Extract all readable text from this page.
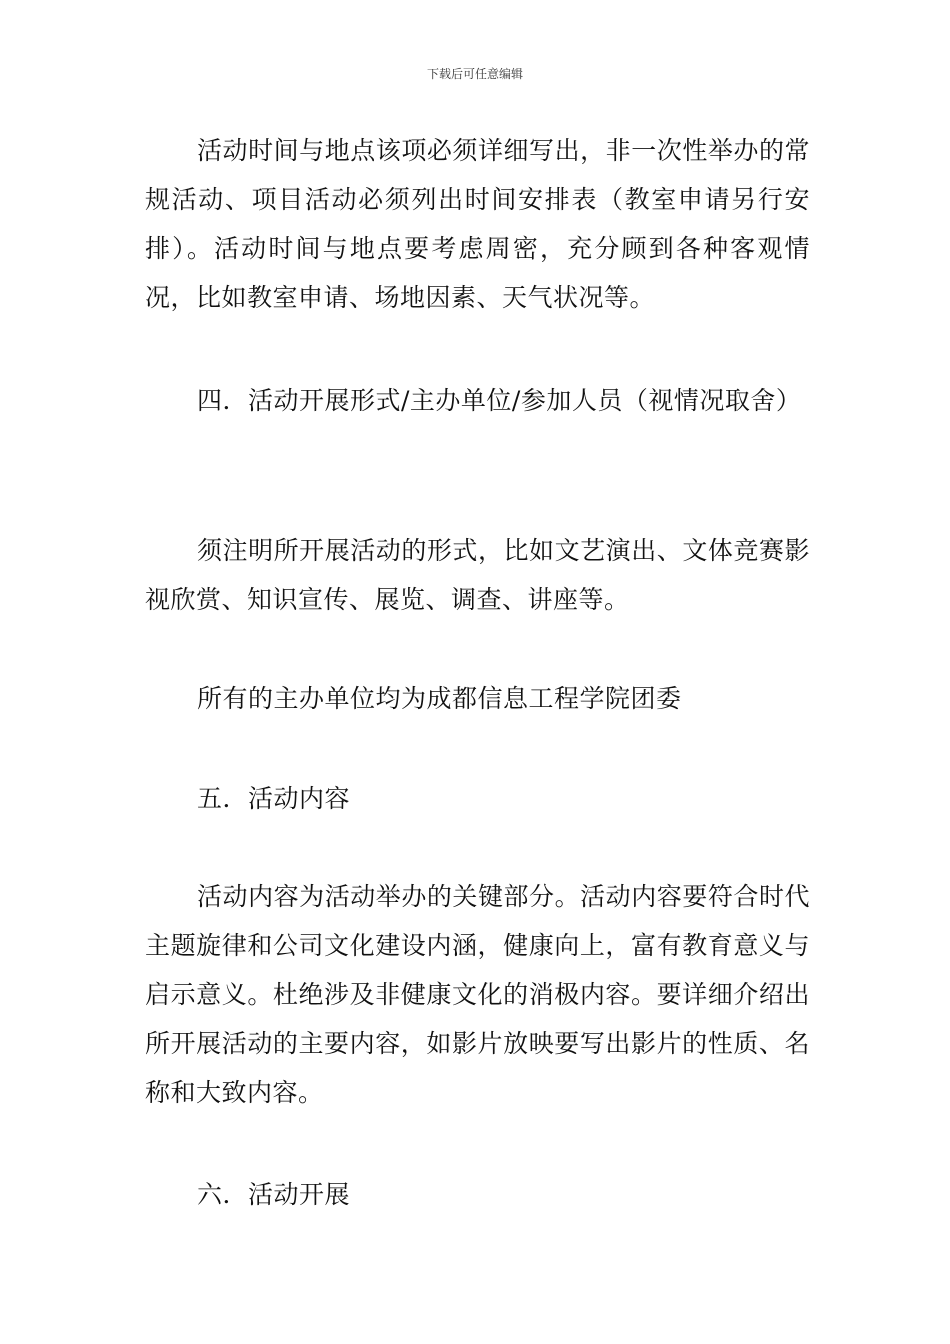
下载后可任意编辑

活动时间与地点该项必须详细写出，非一次性举办的常规活动、项目活动必须列出时间安排表（教室申请另行安排）。活动时间与地点要考虑周密，充分顾到各种客观情况，比如教室申请、场地因素、天气状况等。

四．活动开展形式/主办单位/参加人员（视情况取舍）

须注明所开展活动的形式，比如文艺演出、文体竞赛影视欣赏、知识宣传、展览、调查、讲座等。

所有的主办单位均为成都信息工程学院团委

五．活动内容

活动内容为活动举办的关键部分。活动内容要符合时代主题旋律和公司文化建设内涵，健康向上，富有教育意义与启示意义。杜绝涉及非健康文化的消极内容。要详细介绍出所开展活动的主要内容，如影片放映要写出影片的性质、名称和大致内容。

六．活动开展
